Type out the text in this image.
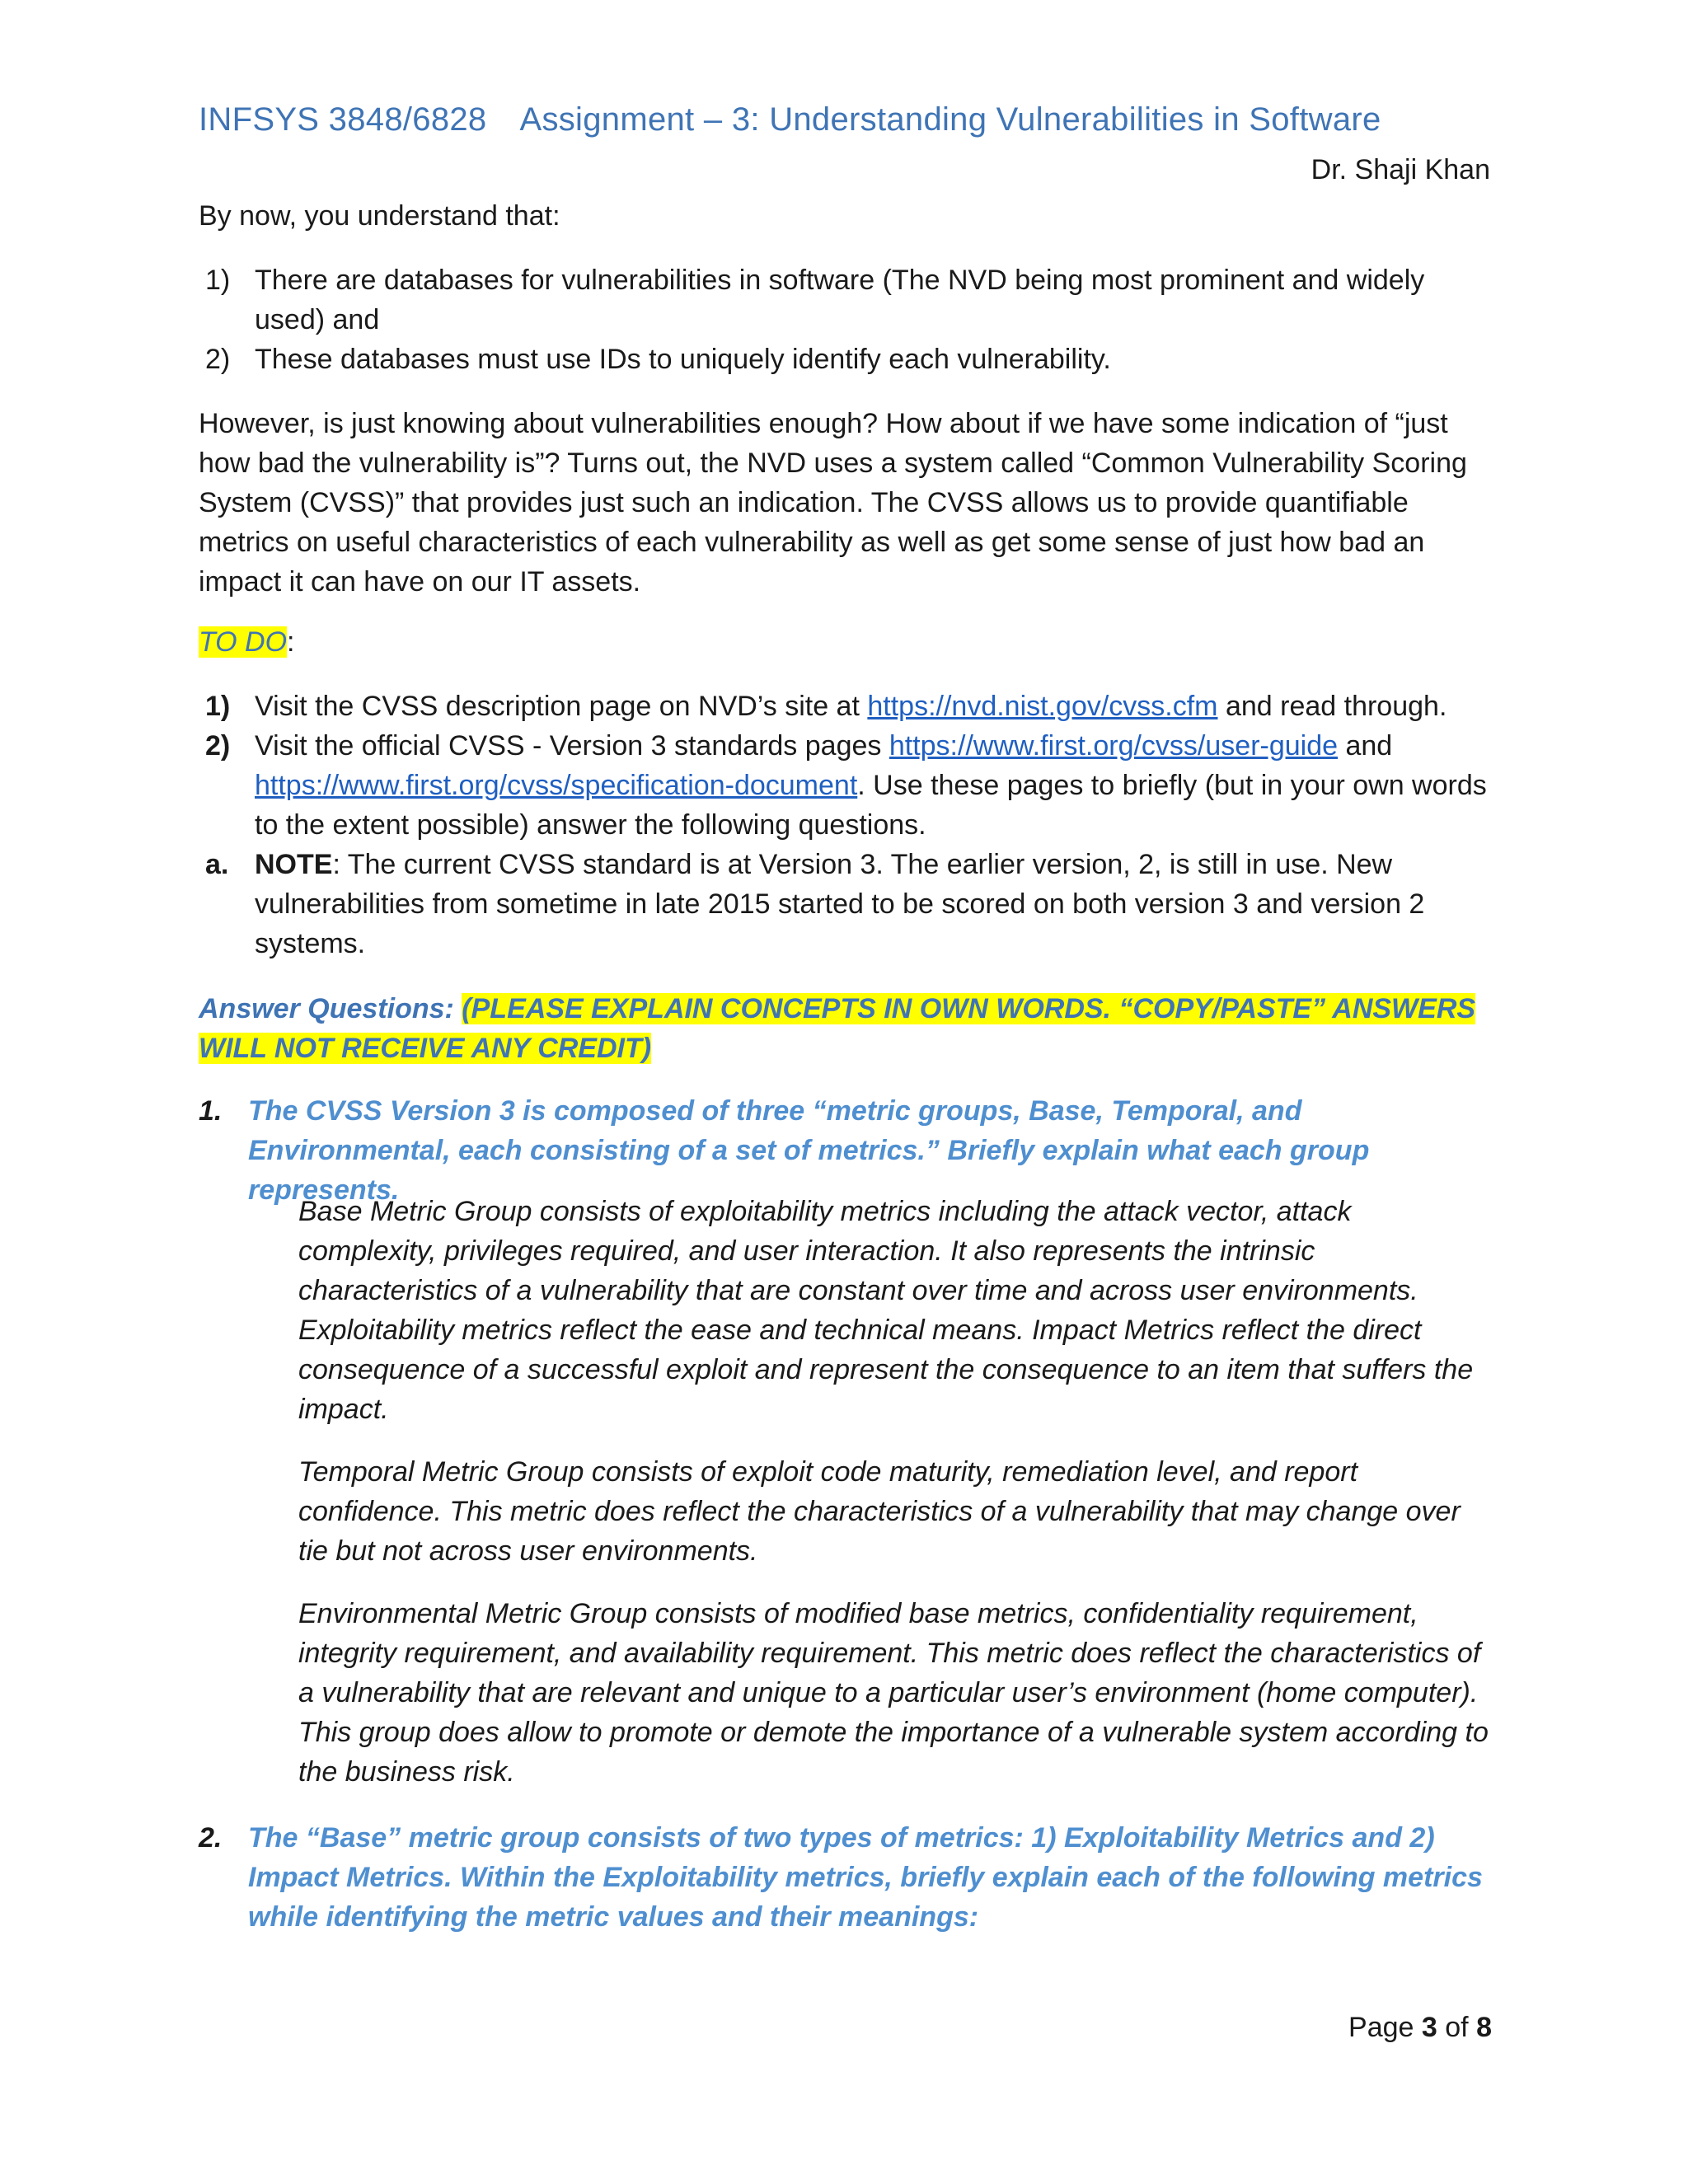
INFSYS 3848/6828 Assignment – 3: Understanding Vulnerabilities in Software
Dr. Shaji Khan

By now, you understand that:

1) There are databases for vulnerabilities in software (The NVD being most prominent and widely used) and
2) These databases must use IDs to uniquely identify each vulnerability.

However, is just knowing about vulnerabilities enough? How about if we have some indication of “just how bad the vulnerability is”? Turns out, the NVD uses a system called “Common Vulnerability Scoring System (CVSS)” that provides just such an indication. The CVSS allows us to provide quantifiable metrics on useful characteristics of each vulnerability as well as get some sense of just how bad an impact it can have on our IT assets.

TO DO:

1) Visit the CVSS description page on NVD’s site at https://nvd.nist.gov/cvss.cfm and read through.
2) Visit the official CVSS - Version 3 standards pages https://www.first.org/cvss/user-guide and https://www.first.org/cvss/specification-document. Use these pages to briefly (but in your own words to the extent possible) answer the following questions.
a. NOTE: The current CVSS standard is at Version 3. The earlier version, 2, is still in use. New vulnerabilities from sometime in late 2015 started to be scored on both version 3 and version 2 systems.
Answer Questions: (PLEASE EXPLAIN CONCEPTS IN OWN WORDS. “COPY/PASTE” ANSWERS WILL NOT RECEIVE ANY CREDIT)
1. The CVSS Version 3 is composed of three “metric groups, Base, Temporal, and Environmental, each consisting of a set of metrics.” Briefly explain what each group represents.

Base Metric Group consists of exploitability metrics including the attack vector, attack complexity, privileges required, and user interaction. It also represents the intrinsic characteristics of a vulnerability that are constant over time and across user environments. Exploitability metrics reflect the ease and technical means. Impact Metrics reflect the direct consequence of a successful exploit and represent the consequence to an item that suffers the impact.

Temporal Metric Group consists of exploit code maturity, remediation level, and report confidence. This metric does reflect the characteristics of a vulnerability that may change over tie but not across user environments.

Environmental Metric Group consists of modified base metrics, confidentiality requirement, integrity requirement, and availability requirement. This metric does reflect the characteristics of a vulnerability that are relevant and unique to a particular user’s environment (home computer). This group does allow to promote or demote the importance of a vulnerable system according to the business risk.

2. The “Base” metric group consists of two types of metrics: 1) Exploitability Metrics and 2) Impact Metrics. Within the Exploitability metrics, briefly explain each of the following metrics while identifying the metric values and their meanings:
Page 3 of 8
